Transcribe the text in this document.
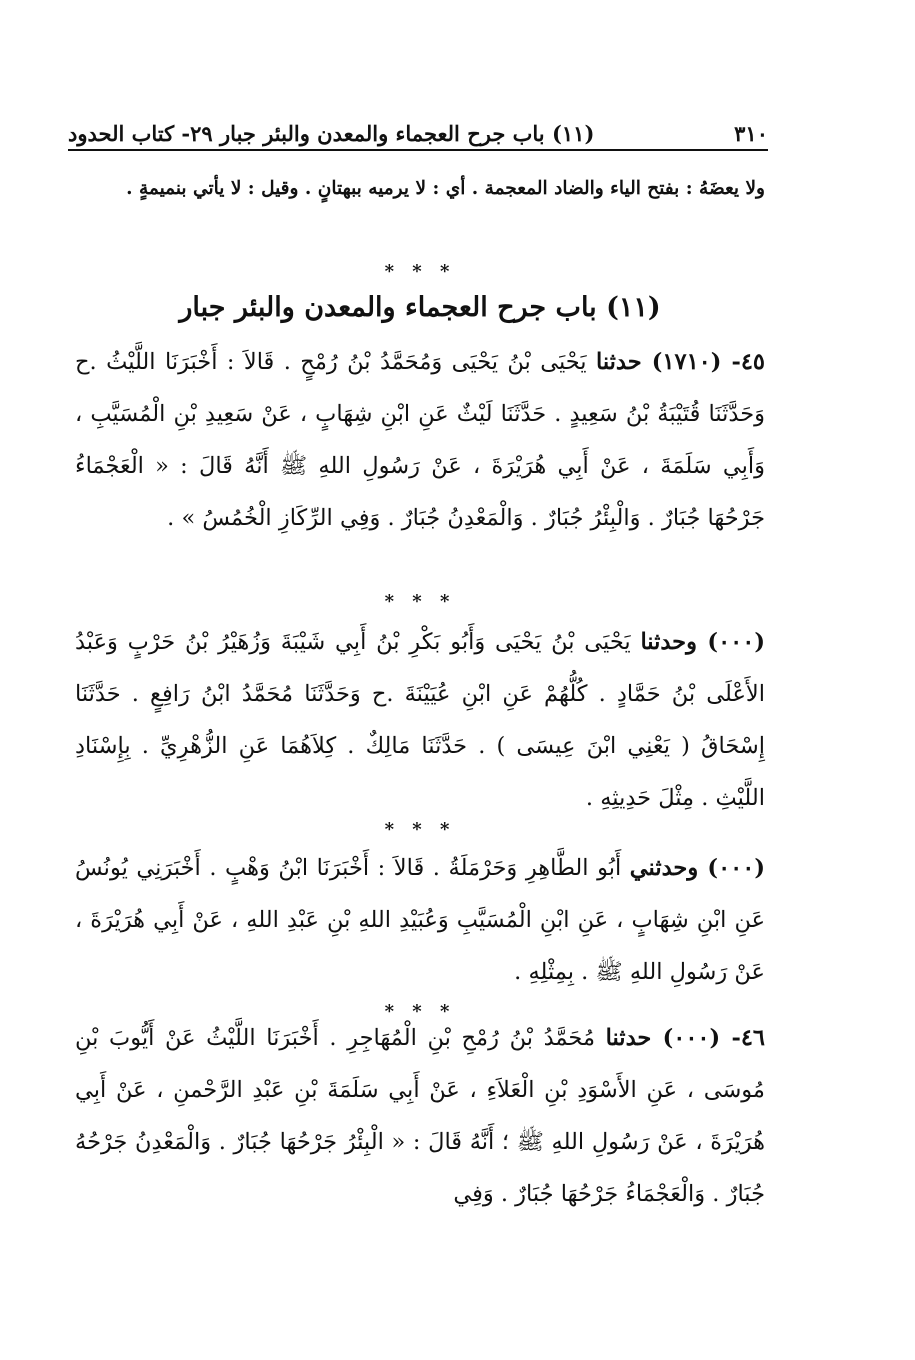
٣١٠
(١١) باب جرح العجماء والمعدن والبئر جبار ٢٩- كتاب الحدود
ولا يعضَهُ : بفتح الياء والضاد المعجمة . أي : لا يرميه ببهتانٍ . وقيل : لا يأتي بنميمةٍ .
* * *
(١١) باب جرح العجماء والمعدن والبئر جبار
٤٥- (١٧١٠) حدثنا يَحْيَى بْنُ يَحْيَى وَمُحَمَّدُ بْنُ رُمْحٍ . قَالاَ : أَخْبَرَنَا اللَّيْثُ .ح وَحَدَّثَنَا قُتَيْبَةُ بْنُ سَعِيدٍ . حَدَّثَنَا لَيْثٌ عَنِ ابْنِ شِهَابٍ ، عَنْ سَعِيدِ بْنِ الْمُسَيَّبِ ، وَأَبِي سَلَمَةَ ، عَنْ أَبِي هُرَيْرَةَ ، عَنْ رَسُولِ اللهِ ﷺ أَنَّهُ قَالَ : « الْعَجْمَاءُ جَرْحُهَا جُبَارٌ . وَالْبِئْرُ جُبَارٌ . وَالْمَعْدِنُ جُبَارٌ . وَفِي الرِّكَازِ الْخُمُسُ » .
* * *
(٠٠٠) وحدثنا يَحْيَى بْنُ يَحْيَى وَأَبُو بَكْرِ بْنُ أَبِي شَيْبَةَ وَزُهَيْرُ بْنُ حَرْبٍ وَعَبْدُ الأَعْلَى بْنُ حَمَّادٍ . كُلُّهُمْ عَنِ ابْنِ عُيَيْنَةَ .ح وَحَدَّثَنَا مُحَمَّدُ ابْنُ رَافِعٍ . حَدَّثَنَا إِسْحَاقُ ( يَعْنِي ابْنَ عِيسَى ) . حَدَّثَنَا مَالِكٌ . كِلاَهُمَا عَنِ الزُّهْرِيِّ . بِإِسْنَادِ اللَّيْثِ . مِثْلَ حَدِيثِهِ .
* * *
(٠٠٠) وحدثني أَبُو الطَّاهِرِ وَحَرْمَلَةُ . قَالاَ : أَخْبَرَنَا ابْنُ وَهْبٍ . أَخْبَرَنِي يُونُسُ عَنِ ابْنِ شِهَابٍ ، عَنِ ابْنِ الْمُسَيَّبِ وَعُبَيْدِ اللهِ بْنِ عَبْدِ اللهِ ، عَنْ أَبِي هُرَيْرَةَ ، عَنْ رَسُولِ اللهِ ﷺ . بِمِثْلِهِ .
* * *
٤٦- (٠٠٠) حدثنا مُحَمَّدُ بْنُ رُمْحِ بْنِ الْمُهَاجِرِ . أَخْبَرَنَا اللَّيْثُ عَنْ أَيُّوبَ بْنِ مُوسَى ، عَنِ الأَسْوَدِ بْنِ الْعَلاَءِ ، عَنْ أَبِي سَلَمَةَ بْنِ عَبْدِ الرَّحْمنِ ، عَنْ أَبِي هُرَيْرَةَ ، عَنْ رَسُولِ اللهِ ﷺ ؛ أَنَّهُ قَالَ : « الْبِئْرُ جَرْحُهَا جُبَارٌ . وَالْمَعْدِنُ جَرْحُهُ جُبَارٌ . وَالْعَجْمَاءُ جَرْحُهَا جُبَارٌ . وَفِي
